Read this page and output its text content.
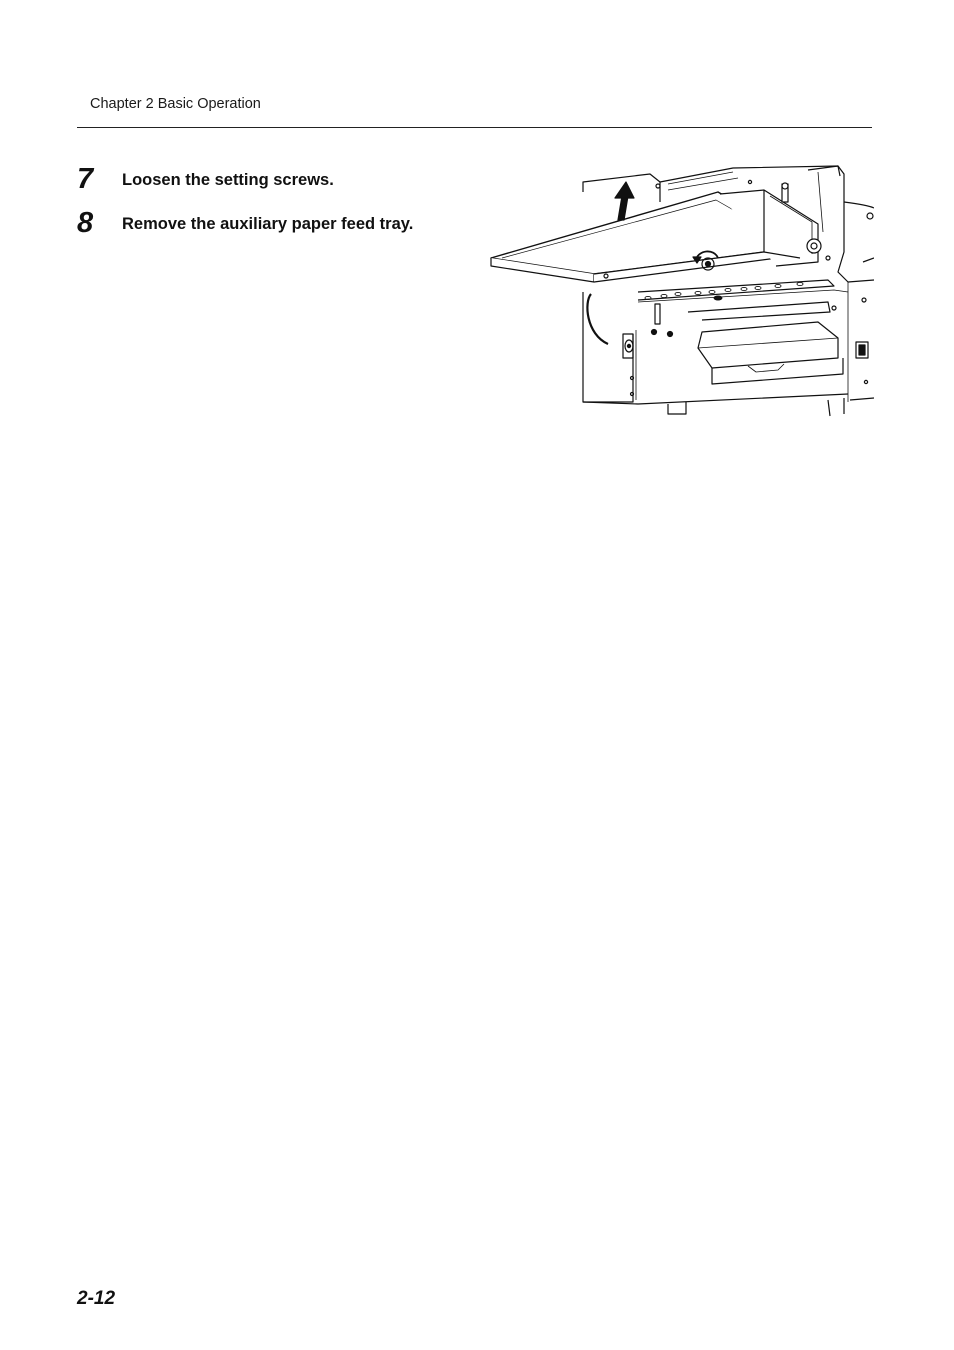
Chapter 2 Basic Operation
7 Loosen the setting screws.
8 Remove the auxiliary paper feed tray.
2-12
